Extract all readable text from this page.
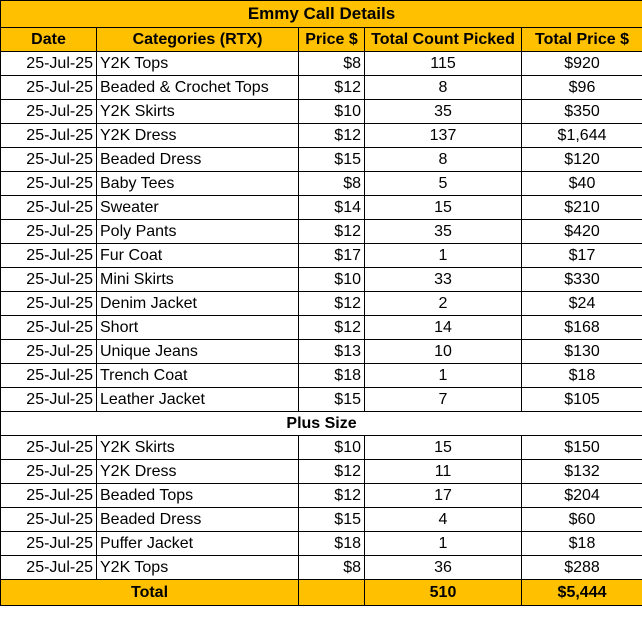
Emmy Call Details				
Date	Categories (RTX)	Price $	Total Count Picked	Total Price $
25-Jul-25	Y2K Tops	$8	115	$920
25-Jul-25	Beaded & Crochet Tops	$12	8	$96
25-Jul-25	Y2K Skirts	$10	35	$350
25-Jul-25	Y2K Dress	$12	137	$1,644
25-Jul-25	Beaded Dress	$15	8	$120
25-Jul-25	Baby Tees	$8	5	$40
25-Jul-25	Sweater	$14	15	$210
25-Jul-25	Poly Pants	$12	35	$420
25-Jul-25	Fur Coat	$17	1	$17
25-Jul-25	Mini Skirts	$10	33	$330
25-Jul-25	Denim Jacket	$12	2	$24
25-Jul-25	Short	$12	14	$168
25-Jul-25	Unique Jeans	$13	10	$130
25-Jul-25	Trench Coat	$18	1	$18
25-Jul-25	Leather Jacket	$15	7	$105
Plus Size				
25-Jul-25	Y2K Skirts	$10	15	$150
25-Jul-25	Y2K Dress	$12	11	$132
25-Jul-25	Beaded Tops	$12	17	$204
25-Jul-25	Beaded Dress	$15	4	$60
25-Jul-25	Puffer Jacket	$18	1	$18
25-Jul-25	Y2K Tops	$8	36	$288
Total			510	$5,444
